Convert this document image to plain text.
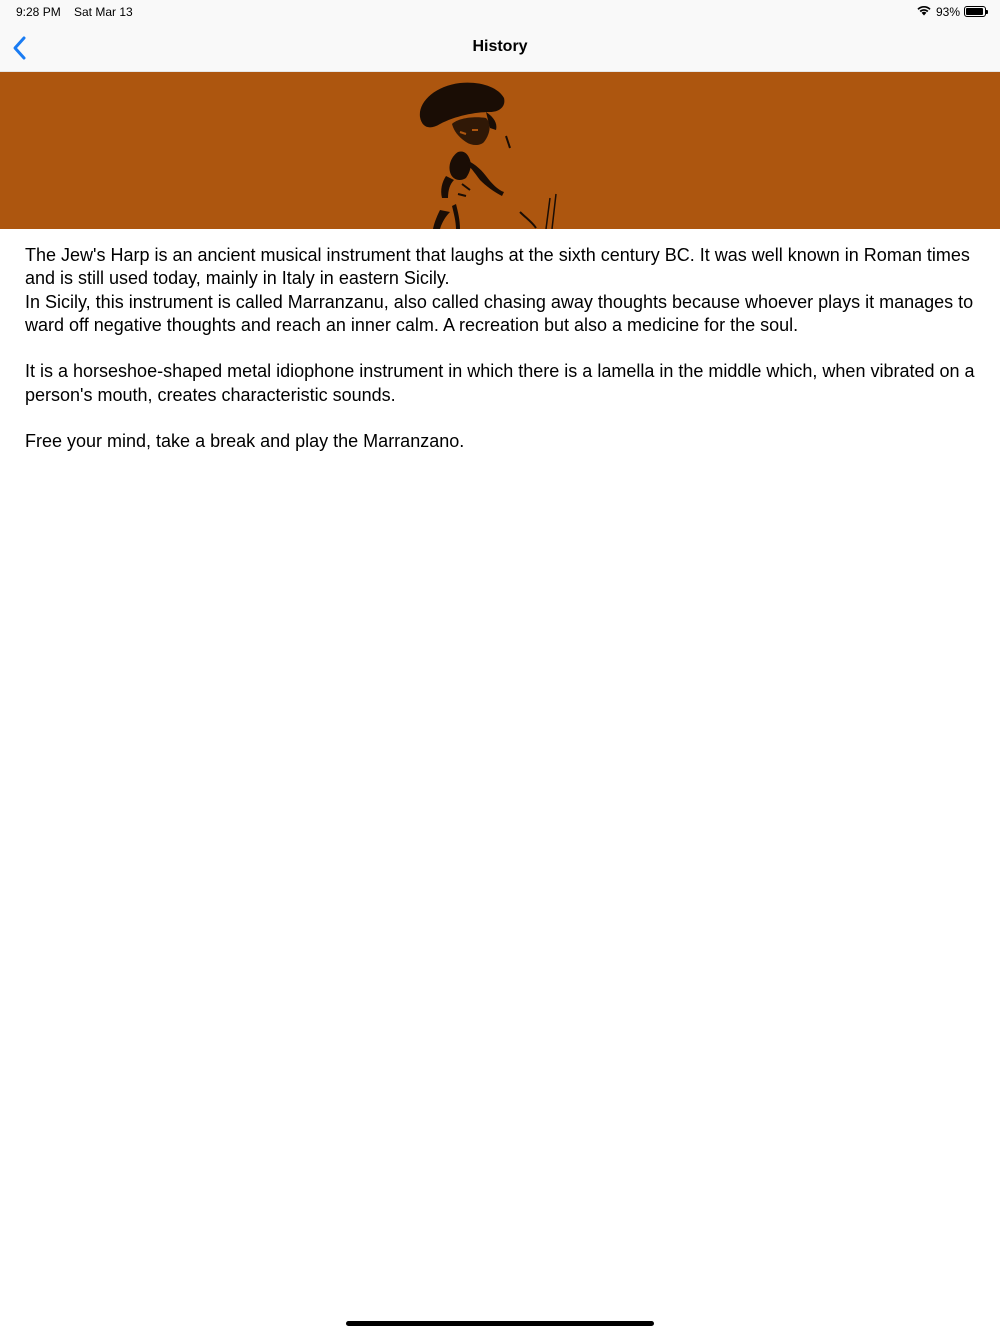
9:28 PM Sat Mar 13	93%
History

The Jew's Harp is an ancient musical instrument that laughs at the sixth century BC. It was well known in Roman times and is still used today, mainly in Italy in eastern Sicily.

In Sicily, this instrument is called Marranzanu, also called chasing away thoughts because whoever plays it manages to ward off negative thoughts and reach an inner calm. A recreation but also a medicine for the soul.

It is a horseshoe-shaped metal idiophone instrument in which there is a lamella in the middle which, when vibrated on a person's mouth, creates characteristic sounds.

Free your mind, take a break and play the Marranzano.
